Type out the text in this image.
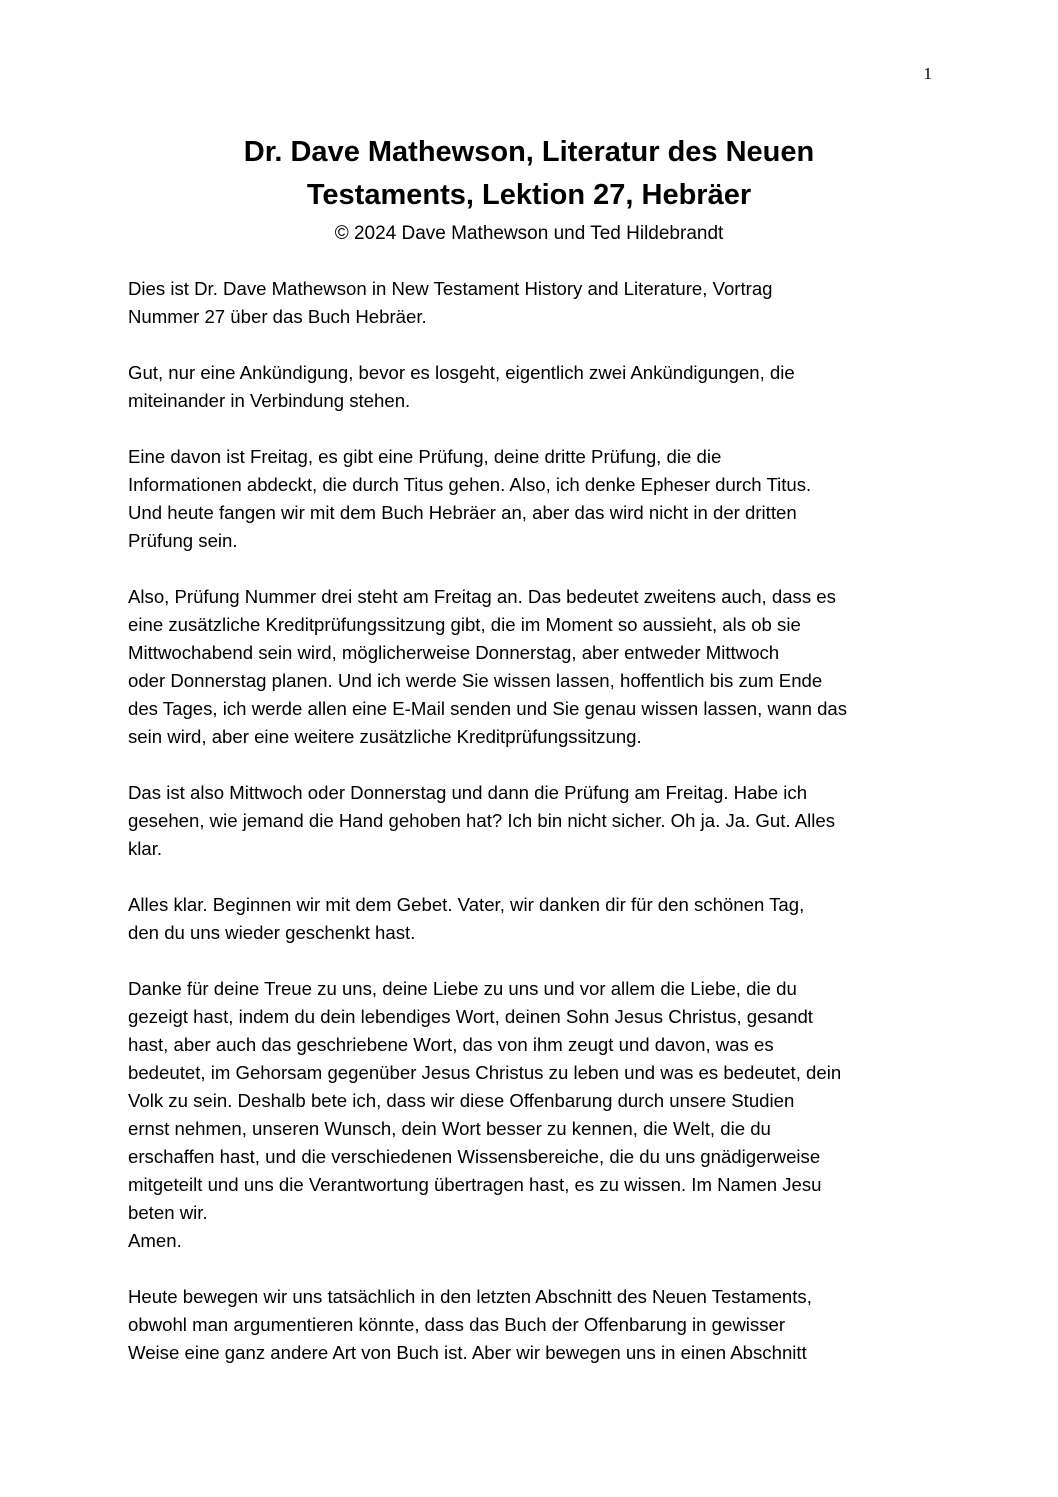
1
Dr. Dave Mathewson, Literatur des Neuen
Testaments, Lektion 27, Hebräer
© 2024 Dave Mathewson und Ted Hildebrandt

Dies ist Dr. Dave Mathewson in New Testament History and Literature, Vortrag
Nummer 27 über das Buch Hebräer.

Gut, nur eine Ankündigung, bevor es losgeht, eigentlich zwei Ankündigungen, die
miteinander in Verbindung stehen.

Eine davon ist Freitag, es gibt eine Prüfung, deine dritte Prüfung, die die
Informationen abdeckt, die durch Titus gehen. Also, ich denke Epheser durch Titus.
Und heute fangen wir mit dem Buch Hebräer an, aber das wird nicht in der dritten
Prüfung sein.

Also, Prüfung Nummer drei steht am Freitag an. Das bedeutet zweitens auch, dass es
eine zusätzliche Kreditprüfungssitzung gibt, die im Moment so aussieht, als ob sie
Mittwochabend sein wird, möglicherweise Donnerstag, aber entweder Mittwoch
oder Donnerstag planen. Und ich werde Sie wissen lassen, hoffentlich bis zum Ende
des Tages, ich werde allen eine E-Mail senden und Sie genau wissen lassen, wann das
sein wird, aber eine weitere zusätzliche Kreditprüfungssitzung.

Das ist also Mittwoch oder Donnerstag und dann die Prüfung am Freitag. Habe ich
gesehen, wie jemand die Hand gehoben hat? Ich bin nicht sicher. Oh ja. Ja. Gut. Alles
klar.

Alles klar. Beginnen wir mit dem Gebet. Vater, wir danken dir für den schönen Tag,
den du uns wieder geschenkt hast.

Danke für deine Treue zu uns, deine Liebe zu uns und vor allem die Liebe, die du
gezeigt hast, indem du dein lebendiges Wort, deinen Sohn Jesus Christus, gesandt
hast, aber auch das geschriebene Wort, das von ihm zeugt und davon, was es
bedeutet, im Gehorsam gegenüber Jesus Christus zu leben und was es bedeutet, dein
Volk zu sein. Deshalb bete ich, dass wir diese Offenbarung durch unsere Studien
ernst nehmen, unseren Wunsch, dein Wort besser zu kennen, die Welt, die du
erschaffen hast, und die verschiedenen Wissensbereiche, die du uns gnädigerweise
mitgeteilt und uns die Verantwortung übertragen hast, es zu wissen. Im Namen Jesu
beten wir.

Amen.

Heute bewegen wir uns tatsächlich in den letzten Abschnitt des Neuen Testaments,
obwohl man argumentieren könnte, dass das Buch der Offenbarung in gewisser
Weise eine ganz andere Art von Buch ist. Aber wir bewegen uns in einen Abschnitt
